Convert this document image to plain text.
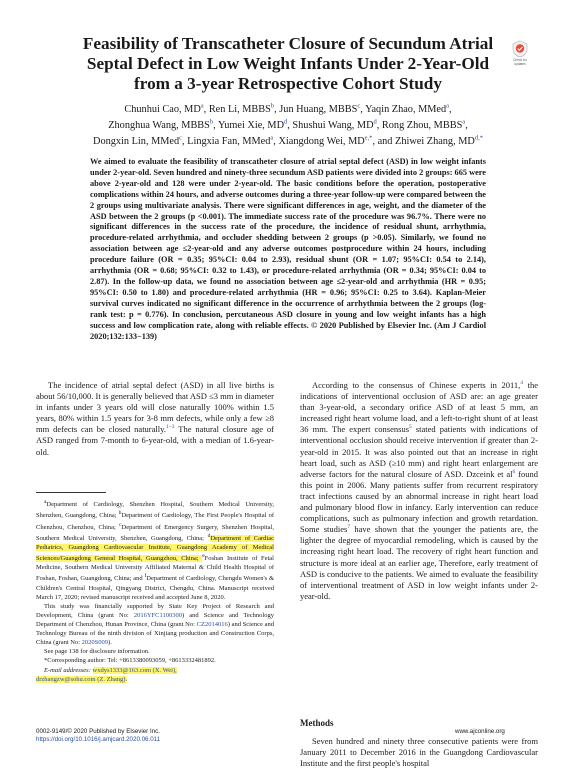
Feasibility of Transcatheter Closure of Secundum Atrial Septal Defect in Low Weight Infants Under 2-Year-Old from a 3-year Retrospective Cohort Study
Check for updates
Chunhui Cao, $MD^a$, Ren Li, MBBS$^b$, Jun Huang, MBBS$^c$, Yaqin Zhao, MMed$^a$,
Zhonghua Wang, MBBS$^b$, Yumei Xie, $MD^d$, Shushui Wang, $MD^d$, Rong Zhou, MBBS$^a$,
Dongxin Lin, MMed$^c$, Lingxia Fan, MMed$^a$, Xiangdong Wei, $MD^{e,*}$, and Zhiwei Zhang, $MD^{d,*}$

We aimed to evaluate the feasibility of transcatheter closure of atrial septal defect (ASD) in low weight infants under 2-year-old. Seven hundred and ninety-three secundum ASD patients were divided into 2 groups: 665 were above 2-year-old and 128 were under 2-year-old. The basic conditions before the operation, postoperative complications within 24 hours, and adverse outcomes during a three-year follow-up were compared between the 2 groups using multivariate analysis. There were significant differences in age, weight, and the diameter of the ASD between the 2 groups (p <0.001). The immediate success rate of the procedure was 96.7%. There were no significant differences in the success rate of the procedure, the incidence of residual shunt, arrhythmia, procedure-related arrhythmia, and occluder shedding between 2 groups (p >0.05). Similarly, we found no association between age ≤2-year-old and any adverse outcomes postprocedure within 24 hours, including procedure failure (OR = 0.35; 95%CI: 0.04 to 2.93), residual shunt (OR = 1.07; 95%CI: 0.54 to 2.14), arrhythmia (OR = 0.68; 95%CI: 0.32 to 1.43), or procedure-related arrhythmia (OR = 0.34; 95%CI: 0.04 to 2.87). In the follow-up data, we found no association between age ≤2-year-old and arrhythmia (HR = 0.95; 95%CI: 0.50 to 1.80) and procedure-related arrhythmia (HR = 0.96; 95%CI: 0.25 to 3.64). Kaplan-Meier survival curves indicated no significant difference in the occurrence of arrhythmia between the 2 groups (log-rank test: p = 0.776). In conclusion, percutaneous ASD closure in young and low weight infants has a high success and low complication rate, along with reliable effects. © 2020 Published by Elsevier Inc. (Am J Cardiol 2020;132:133−139)

The incidence of atrial septal defect (ASD) in all live births is about 56/10,000. It is generally believed that ASD ≤3 mm in diameter in infants under 3 years old will close naturally 100% within 1.5 years, 80% within 1.5 years for 3-8 mm defects, while only a few ≥8 mm defects can be closed naturally.$^{1-3}$ The natural closure age of ASD ranged from 7-month to 6-year-old, with a median of 1.6-year-old.

$^a$Department of Cardiology, Shenzhen Hospital, Southern Medical University, Shenzhen, Guangdong, China; $^b$Department of Cardiology, The First People's Hospital of Chenzhou, Chenzhou, China; $^c$Department of Emergency Surgery, Shenzhen Hospital, Southern Medical University, Shenzhen, Guangdong, China; $^d$Department of Cardiac Pediatrics, Guangdong Cardiovascular Institute, Guangdong Academy of Medical Sciences/Guangdong General Hospital, Guangzhou, China; $^e$Foshan Institute of Fetal Medicine, Southern Medical University Affiliated Maternal & Child Health Hospital of Foshan, Foshan, Guangdong, China; and $^f$Department of Cardiology, Chengdu Women's & Children's Central Hospital, Qingyang District, Chengdu, China. Manuscript received March 17, 2020; revised manuscript received and accepted June 8, 2020.

This study was financially supported by State Key Project of Research and Development, China (grant No: 2016YFC1100300) and Science and Technology Department of Chenzhou, Hunan Province, China (grant No: CZ2014016) and Science and Technology Bureau of the ninth division of Xinjiang production and Construction Corps, China (grant No: 2020S009).

See page 138 for disclosure information.

*Corresponding author: Tel: +8613380093059, +8613332481892.

E-mail addresses: wxdys1333@163.com (X. Wei),
drzhangzw@sohu.com (Z. Zhang).

According to the consensus of Chinese experts in 2011,$^4$ the indications of interventional occlusion of ASD are: an age greater than 3-year-old, a secondary orifice ASD of at least 5 mm, an increased right heart volume load, and a left-to-right shunt of at least 36 mm. The expert consensus$^5$ stated patients with indications of interventional occlusion should receive intervention if greater than 2-year-old in 2015. It was also pointed out that an increase in right heart load, such as ASD (≥10 mm) and right heart enlargement are adverse factors for the natural closure of ASD. Dzceink et $al^6$ found this point in 2006. Many patients suffer from recurrent respiratory tract infections caused by an abnormal increase in right heart load and pulmonary blood flow in infancy. Early intervention can reduce complications, such as pulmonary infection and growth retardation. Some studies$^7$ have shown that the younger the patients are, the lighter the degree of myocardial remodeling, which is caused by the increasing right heart load. The recovery of right heart function and structure is more ideal at an earlier age, Therefore, early treatment of ASD is conducive to the patients. We aimed to evaluate the feasibility of interventional treatment of ASD in low weight infants under 2-year-old.

Methods

Seven hundred and ninety three consecutive patients were from January 2011 to December 2016 in the Guangdong Cardiovascular Institute and the first people's hospital

0002-9149/© 2020 Published by Elsevier Inc.
https://doi.org/10.1016/j.amjcard.2020.06.011
www.ajconline.org
